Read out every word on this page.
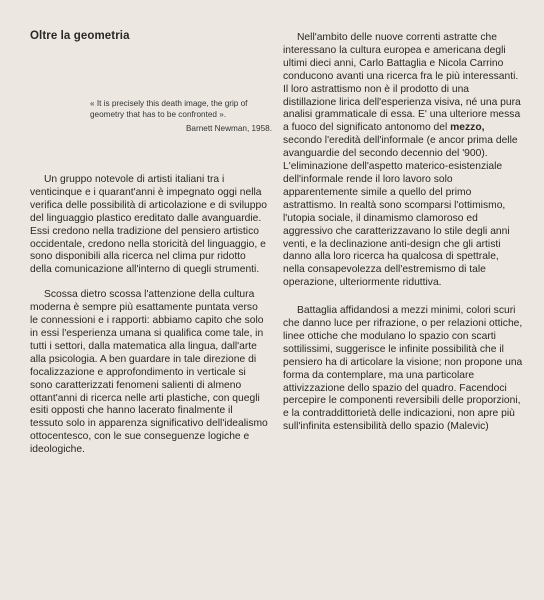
Oltre la geometria
« It is precisely this death image, the grip of geometry that has to be confronted ».
Barnett Newman, 1958.

Un gruppo notevole di artisti italiani tra i venticinque e i quarant'anni è impegnato oggi nella verifica delle possibilità di articolazione e di sviluppo del linguaggio plastico ereditato dalle avanguardie. Essi credono nella tradizione del pensiero artistico occidentale, credono nella storicità del linguaggio, e sono disponibili alla ricerca nel clima pur ridotto della comunicazione all'interno di quegli strumenti.

Scossa dietro scossa l'attenzione della cultura moderna è sempre più esattamente puntata verso le connessioni e i rapporti: abbiamo capito che solo in essi l'esperienza umana si qualifica come tale, in tutti i settori, dalla matematica alla lingua, dall'arte alla psicologia. A ben guardare in tale direzione di focalizzazione e approfondimento in verticale si sono caratterizzati fenomeni salienti di almeno ottant'anni di ricerca nelle arti plastiche, con quegli esiti opposti che hanno lacerato finalmente il tessuto solo in apparenza significativo dell'idealismo ottocentesco, con le sue conseguenze logiche e ideologiche.

Nell'ambito delle nuove correnti astratte che interessano la cultura europea e americana degli ultimi dieci anni, Carlo Battaglia e Nicola Carrino conducono avanti una ricerca fra le più interessanti. Il loro astrattismo non è il prodotto di una distillazione lirica dell'esperienza visiva, né una pura analisi grammaticale di essa. E' una ulteriore messa a fuoco del significato antonomo del mezzo, secondo l'eredità dell'informale (e ancor prima delle avanguardie del secondo decennio del '900). L'eliminazione dell'aspetto materico-esistenziale dell'informale rende il loro lavoro solo apparentemente simile a quello del primo astrattismo. In realtà sono scomparsi l'ottimismo, l'utopia sociale, il dinamismo clamoroso ed aggressivo che caratterizzavano lo stile degli anni venti, e la declinazione anti-design che gli artisti danno alla loro ricerca ha qualcosa di spettrale, nella consapevolezza dell'estremismo di tale operazione, ulteriormente riduttiva.

Battaglia affidandosi a mezzi minimi, colori scuri che danno luce per rifrazione, o per relazioni ottiche, linee ottiche che modulano lo spazio con scarti sottilissimi, suggerisce le infinite possibilità che il pensiero ha di articolare la visione; non propone una forma da contemplare, ma una particolare attivizzazione dello spazio del quadro. Facendoci percepire le componenti reversibili delle proporzioni, e la contraddittorietà delle indicazioni, non apre più sull'infinita estensibilità dello spazio (Malevic)
